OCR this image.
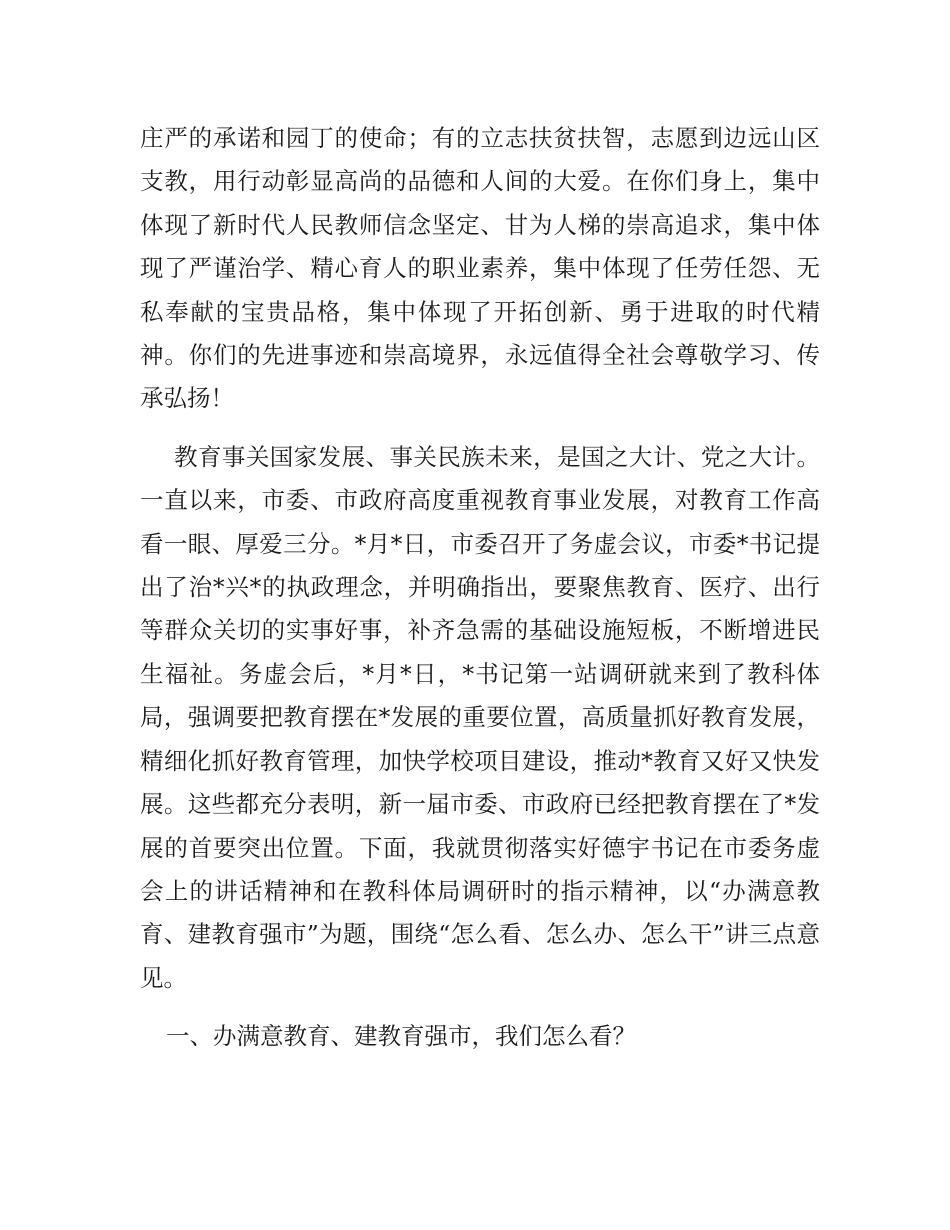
庄严的承诺和园丁的使命；有的立志扶贫扶智，志愿到边远山区支教，用行动彰显高尚的品德和人间的大爱。在你们身上，集中体现了新时代人民教师信念坚定、甘为人梯的崇高追求，集中体现了严谨治学、精心育人的职业素养，集中体现了任劳任怨、无私奉献的宝贵品格，集中体现了开拓创新、勇于进取的时代精神。你们的先进事迹和崇高境界，永远值得全社会尊敬学习、传承弘扬！

教育事关国家发展、事关民族未来，是国之大计、党之大计。一直以来，市委、市政府高度重视教育事业发展，对教育工作高看一眼、厚爱三分。*月*日，市委召开了务虚会议，市委*书记提出了治*兴*的执政理念，并明确指出，要聚焦教育、医疗、出行等群众关切的实事好事，补齐急需的基础设施短板，不断增进民生福祉。务虚会后，*月*日，*书记第一站调研就来到了教科体局，强调要把教育摆在*发展的重要位置，高质量抓好教育发展，精细化抓好教育管理，加快学校项目建设，推动*教育又好又快发展。这些都充分表明，新一届市委、市政府已经把教育摆在了*发展的首要突出位置。下面，我就贯彻落实好德宇书记在市委务虚会上的讲话精神和在教科体局调研时的指示精神，以“办满意教育、建教育强市”为题，围绕“怎么看、怎么办、怎么干”讲三点意见。

一、办满意教育、建教育强市，我们怎么看？
